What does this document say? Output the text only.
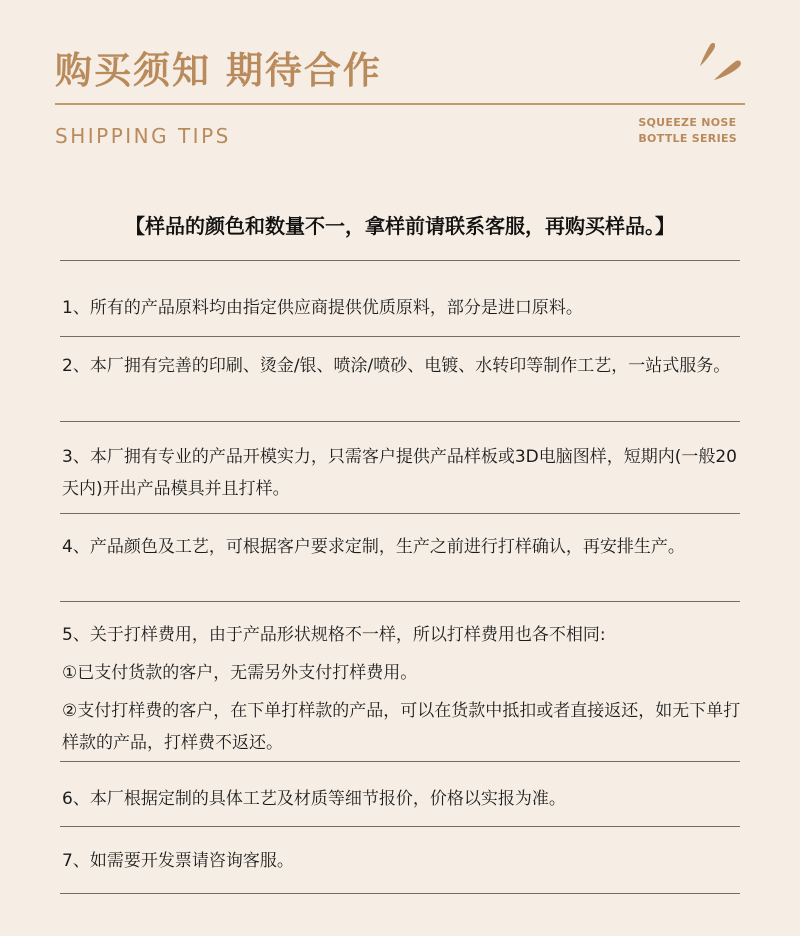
购买须知 期待合作
SHIPPING TIPS
SQUEEZE NOSE
BOTTLE SERIES
【样品的颜色和数量不一，拿样前请联系客服，再购买样品。】

1、所有的产品原料均由指定供应商提供优质原料，部分是进口原料。

2、本厂拥有完善的印刷、烫金/银、喷涂/喷砂、电镀、水转印等制作工艺，一站式服务。

3、本厂拥有专业的产品开模实力，只需客户提供产品样板或3D电脑图样，短期内(一般20天内)开出产品模具并且打样。

4、产品颜色及工艺，可根据客户要求定制，生产之前进行打样确认，再安排生产。

5、关于打样费用，由于产品形状规格不一样，所以打样费用也各不相同:

①已支付货款的客户，无需另外支付打样费用。

②支付打样费的客户，在下单打样款的产品，可以在货款中抵扣或者直接返还，如无下单打样款的产品，打样费不返还。

6、本厂根据定制的具体工艺及材质等细节报价，价格以实报为准。

7、如需要开发票请咨询客服。
